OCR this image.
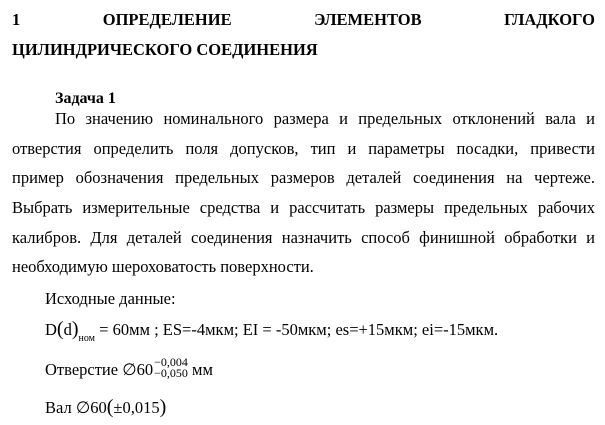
1	ОПРЕДЕЛЕНИЕ	ЭЛЕМЕНТОВ	ГЛАДКОГО
ЦИЛИНДРИЧЕСКОГО СОЕДИНЕНИЯ
Задача 1
По значению номинального размера и предельных отклонений вала и
отверстия определить поля допусков, тип и параметры посадки, привести
пример обозначения предельных размеров деталей соединения на чертеже.
Выбрать измерительные средства и рассчитать размеры предельных рабочих
калибров. Для деталей соединения назначить способ финишной обработки и
необходимую шероховатость поверхности.
Исходные данные:
$D(d)_{ном} = 60мм$ ; ES=-4мкм; EI = -50мкм; es=+15мкм; ei=-15мкм.
Отверстие ∅60 −0,004
−0,050 мм
Вал ∅60(±0,015)
